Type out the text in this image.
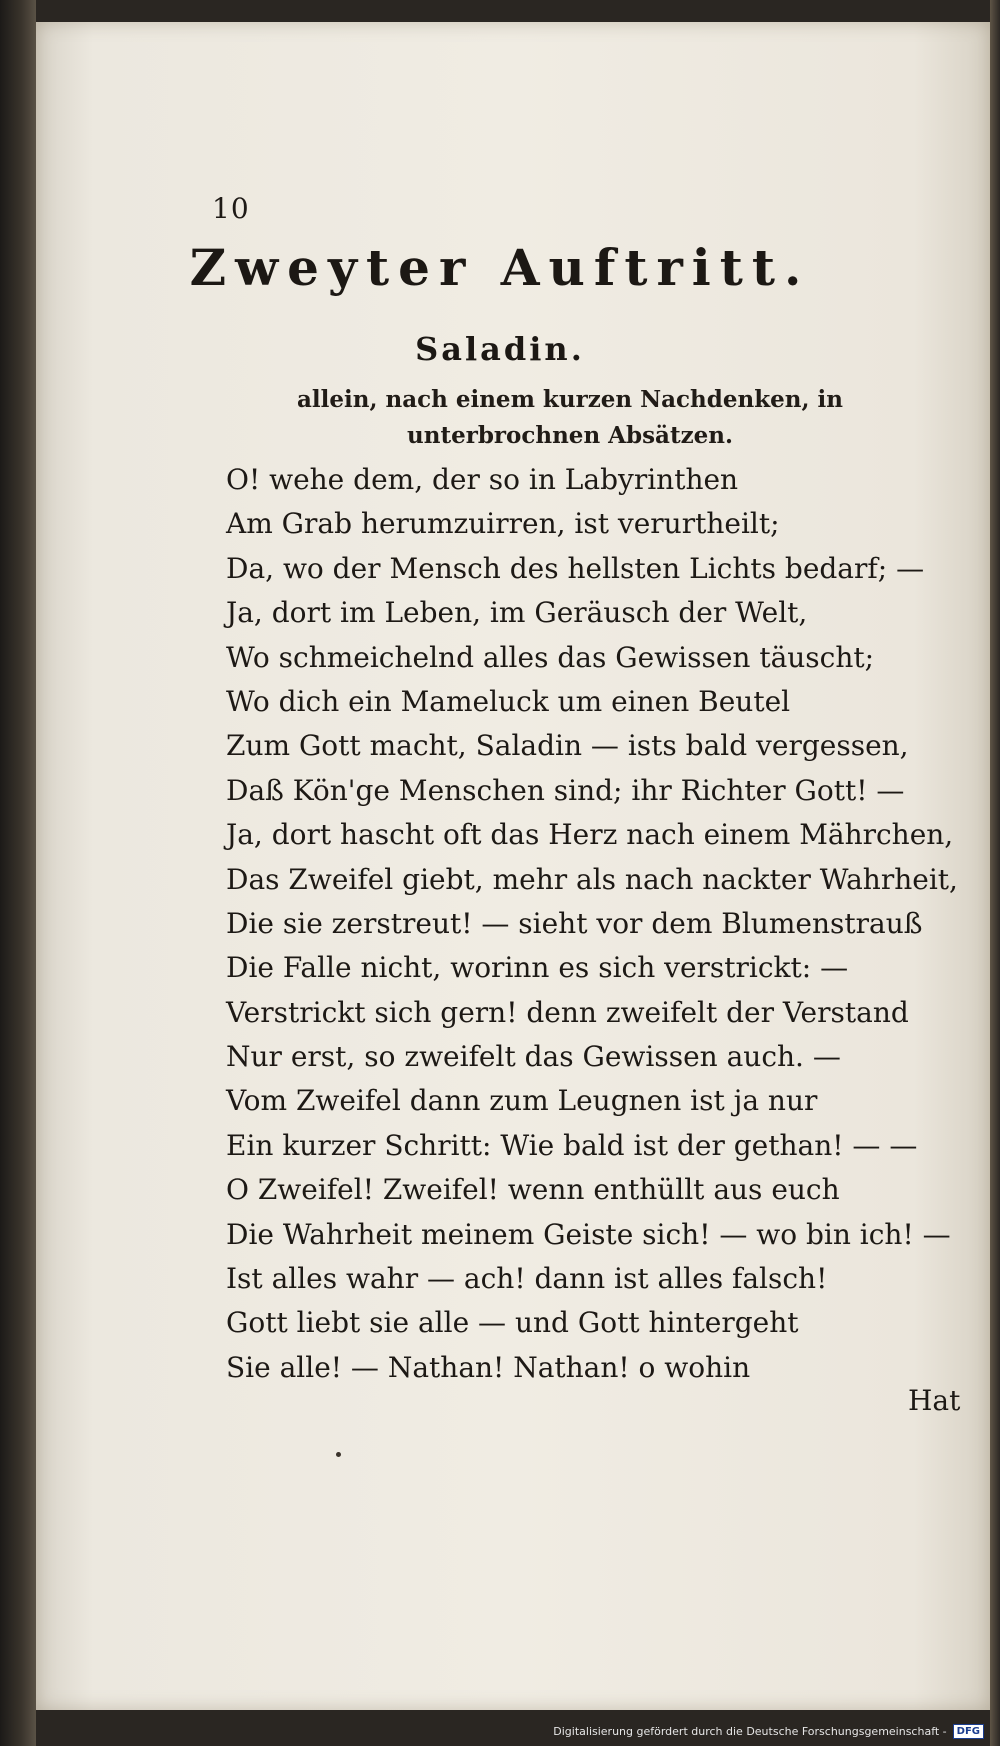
10
Zweyter Auftritt.
Saladin.
allein, nach einem kurzen Nachdenken, in unterbrochnen Absätzen.
O! wehe dem, der so in Labyrinthen
Am Grab herumzuirren, ist verurtheilt;
Da, wo der Mensch des hellsten Lichts bedarf; —
Ja, dort im Leben, im Geräusch der Welt,
Wo schmeichelnd alles das Gewissen täuscht;
Wo dich ein Mameluck um einen Beutel
Zum Gott macht, Saladin — ists bald vergessen,
Daß Kön'ge Menschen sind; ihr Richter Gott! —
Ja, dort hascht oft das Herz nach einem Mährchen,
Das Zweifel giebt, mehr als nach nackter Wahrheit,
Die sie zerstreut! — sieht vor dem Blumenstrauß
Die Falle nicht, worinn es sich verstrickt: —
Verstrickt sich gern! denn zweifelt der Verstand
Nur erst, so zweifelt das Gewissen auch. —
Vom Zweifel dann zum Leugnen ist ja nur
Ein kurzer Schritt: Wie bald ist der gethan! — —
O Zweifel! Zweifel! wenn enthüllt aus euch
Die Wahrheit meinem Geiste sich! — wo bin ich! —
Ist alles wahr — ach! dann ist alles falsch!
Gott liebt sie alle — und Gott hintergeht
Sie alle! — Nathan! Nathan! o wohin
Hat
Digitalisierung gefördert durch die Deutsche Forschungsgemeinschaft -	DFG
